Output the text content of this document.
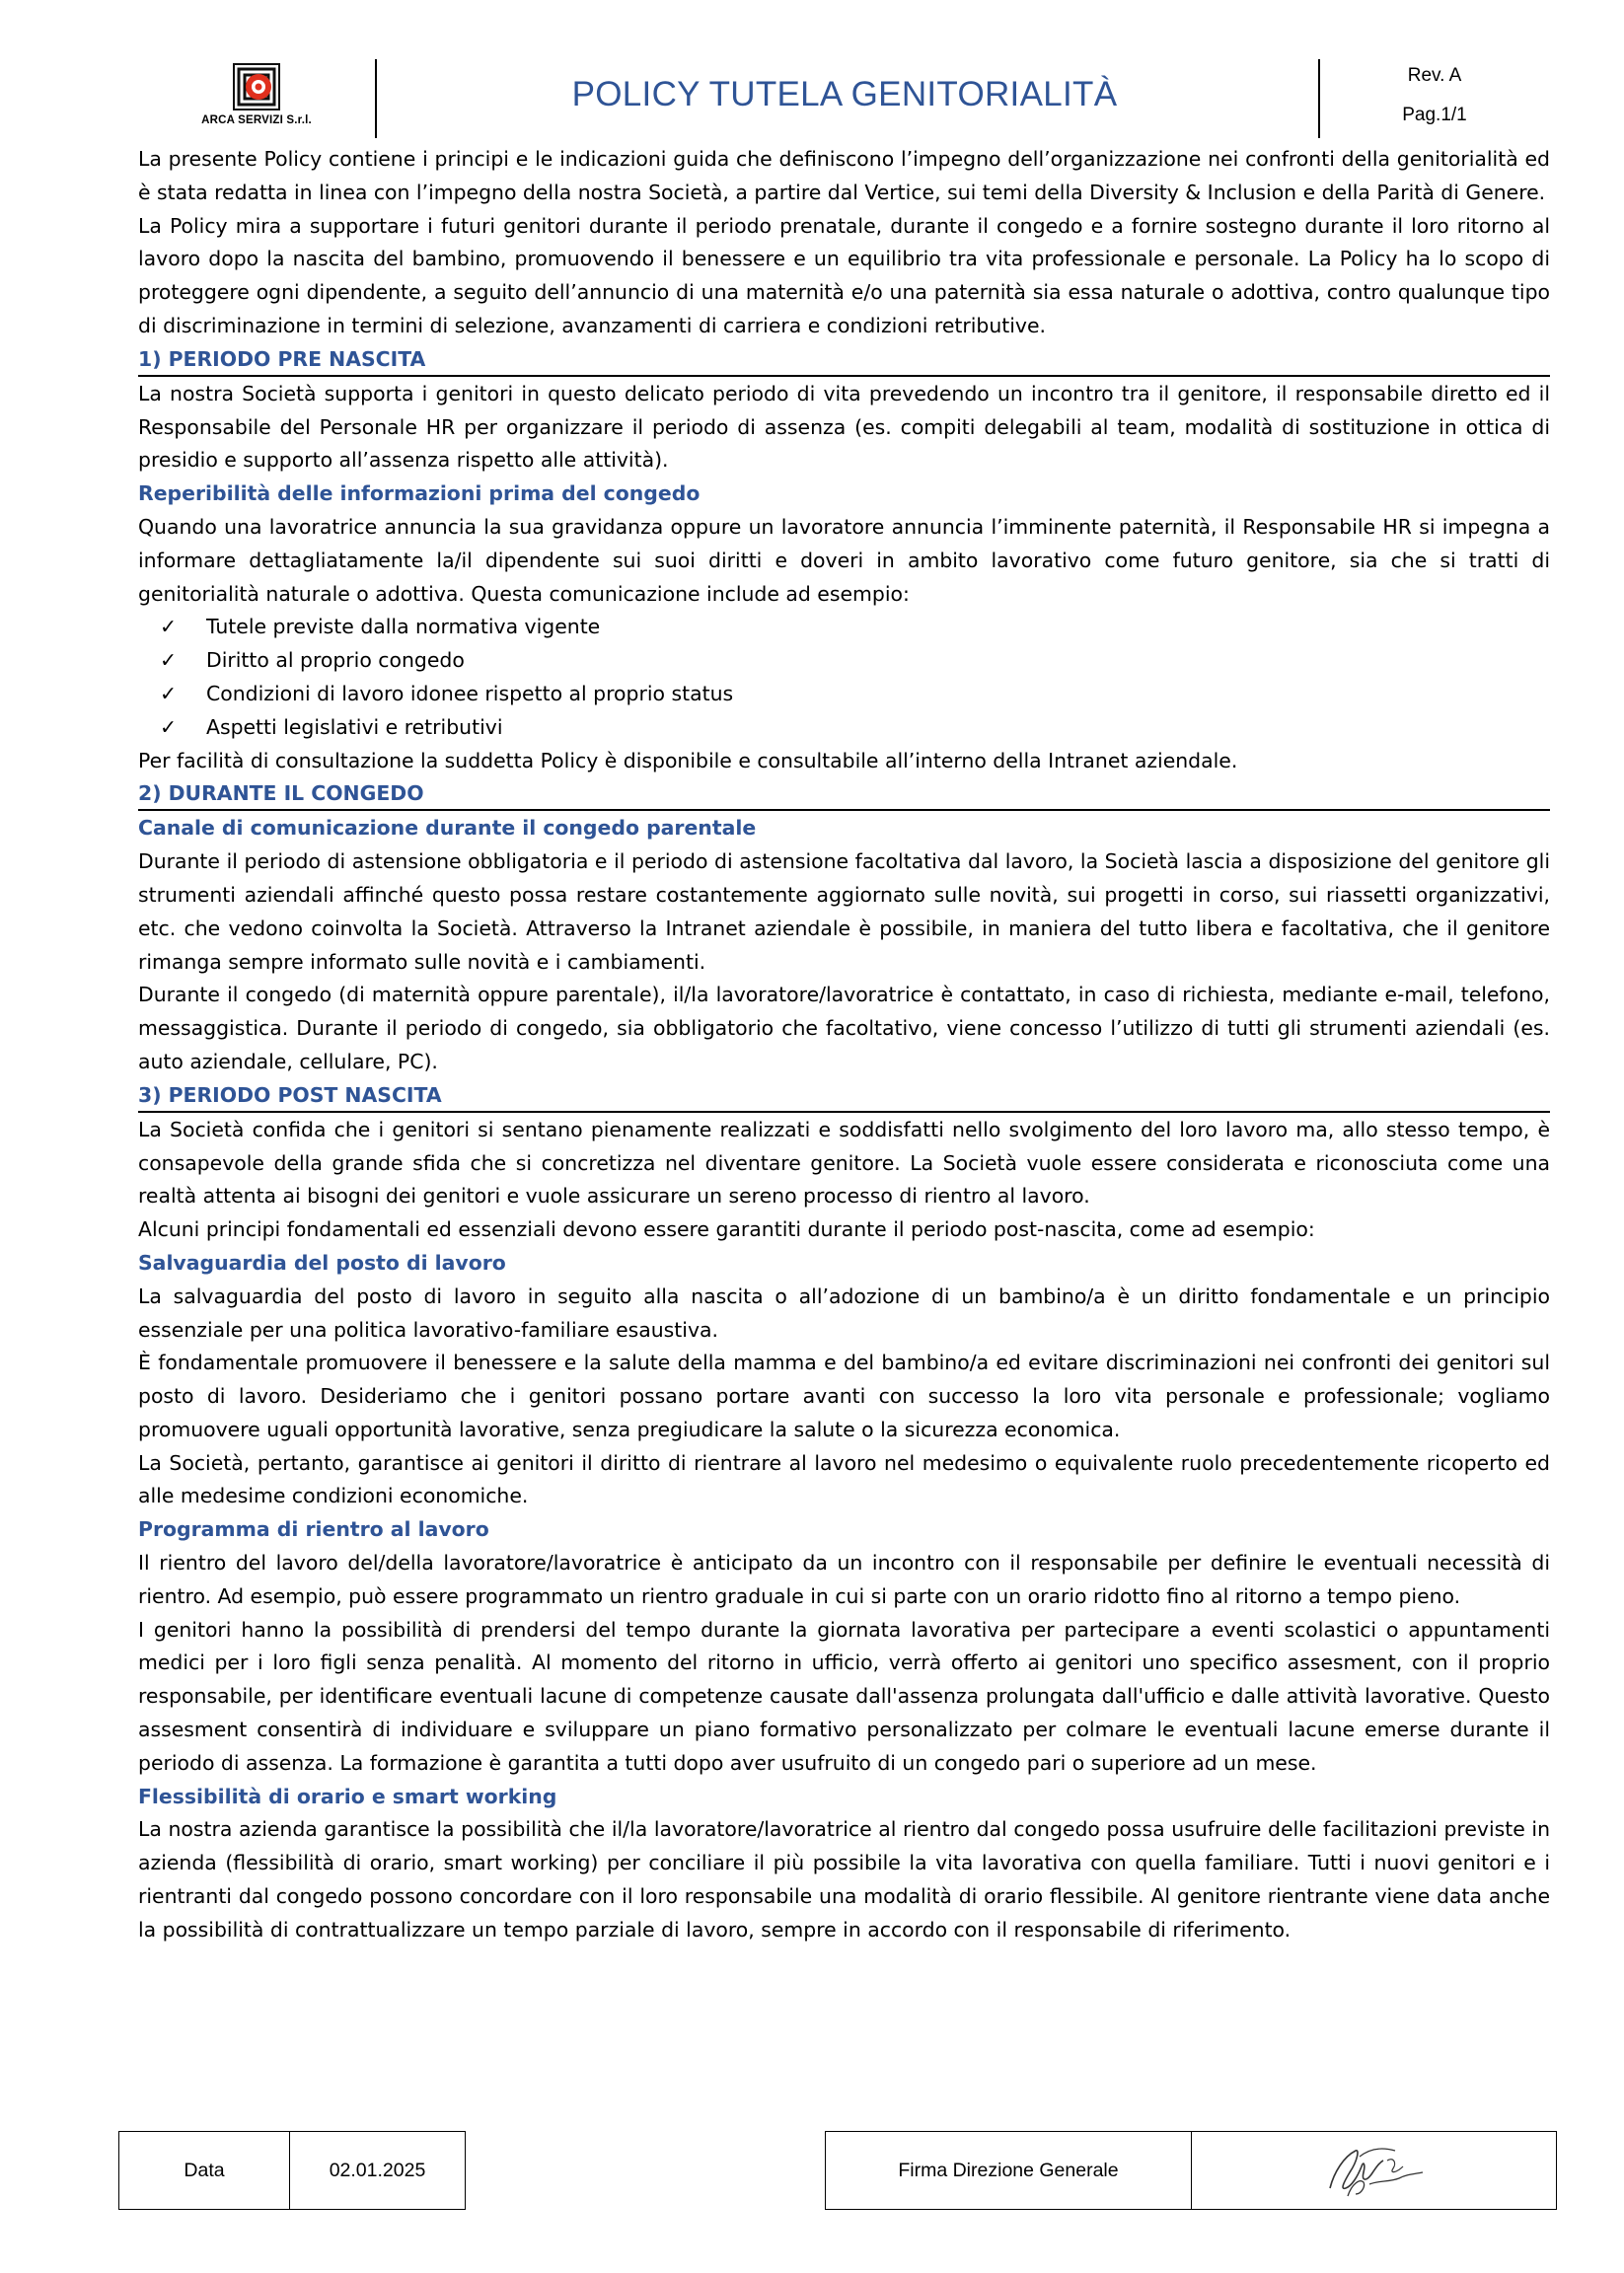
ARCA SERVIZI S.r.l.
POLICY TUTELA GENITORIALITÀ	Rev. A
Pag.1/1

La presente Policy contiene i principi e le indicazioni guida che definiscono l’impegno dell’organizzazione nei confronti della genitorialità ed è stata redatta in linea con l’impegno della nostra Società, a partire dal Vertice, sui temi della Diversity & Inclusion e della Parità di Genere.

La Policy mira a supportare i futuri genitori durante il periodo prenatale, durante il congedo e a fornire sostegno durante il loro ritorno al lavoro dopo la nascita del bambino, promuovendo il benessere e un equilibrio tra vita professionale e personale. La Policy ha lo scopo di proteggere ogni dipendente, a seguito dell’annuncio di una maternità e/o una paternità sia essa naturale o adottiva, contro qualunque tipo di discriminazione in termini di selezione, avanzamenti di carriera e condizioni retributive.

1) PERIODO PRE NASCITA

La nostra Società supporta i genitori in questo delicato periodo di vita prevedendo un incontro tra il genitore, il responsabile diretto ed il Responsabile del Personale HR per organizzare il periodo di assenza (es. compiti delegabili al team, modalità di sostituzione in ottica di presidio e supporto all’assenza rispetto alle attività).

Reperibilità delle informazioni prima del congedo

Quando una lavoratrice annuncia la sua gravidanza oppure un lavoratore annuncia l’imminente paternità, il Responsabile HR si impegna a informare dettagliatamente la/il dipendente sui suoi diritti e doveri in ambito lavorativo come futuro genitore, sia che si tratti di genitorialità naturale o adottiva. Questa comunicazione include ad esempio:

✓ Tutele previste dalla normativa vigente
✓ Diritto al proprio congedo
✓ Condizioni di lavoro idonee rispetto al proprio status
✓ Aspetti legislativi e retributivi

Per facilità di consultazione la suddetta Policy è disponibile e consultabile all’interno della Intranet aziendale.

2) DURANTE IL CONGEDO
Canale di comunicazione durante il congedo parentale

Durante il periodo di astensione obbligatoria e il periodo di astensione facoltativa dal lavoro, la Società lascia a disposizione del genitore gli strumenti aziendali affinché questo possa restare costantemente aggiornato sulle novità, sui progetti in corso, sui riassetti organizzativi, etc. che vedono coinvolta la Società. Attraverso la Intranet aziendale è possibile, in maniera del tutto libera e facoltativa, che il genitore rimanga sempre informato sulle novità e i cambiamenti.

Durante il congedo (di maternità oppure parentale), il/la lavoratore/lavoratrice è contattato, in caso di richiesta, mediante e-mail, telefono, messaggistica. Durante il periodo di congedo, sia obbligatorio che facoltativo, viene concesso l’utilizzo di tutti gli strumenti aziendali (es. auto aziendale, cellulare, PC).

3) PERIODO POST NASCITA

La Società confida che i genitori si sentano pienamente realizzati e soddisfatti nello svolgimento del loro lavoro ma, allo stesso tempo, è consapevole della grande sfida che si concretizza nel diventare genitore. La Società vuole essere considerata e riconosciuta come una realtà attenta ai bisogni dei genitori e vuole assicurare un sereno processo di rientro al lavoro.

Alcuni principi fondamentali ed essenziali devono essere garantiti durante il periodo post-nascita, come ad esempio:

Salvaguardia del posto di lavoro

La salvaguardia del posto di lavoro in seguito alla nascita o all’adozione di un bambino/a è un diritto fondamentale e un principio essenziale per una politica lavorativo-familiare esaustiva.

È fondamentale promuovere il benessere e la salute della mamma e del bambino/a ed evitare discriminazioni nei confronti dei genitori sul posto di lavoro. Desideriamo che i genitori possano portare avanti con successo la loro vita personale e professionale; vogliamo promuovere uguali opportunità lavorative, senza pregiudicare la salute o la sicurezza economica.

La Società, pertanto, garantisce ai genitori il diritto di rientrare al lavoro nel medesimo o equivalente ruolo precedentemente ricoperto ed alle medesime condizioni economiche.

Programma di rientro al lavoro

Il rientro del lavoro del/della lavoratore/lavoratrice è anticipato da un incontro con il responsabile per definire le eventuali necessità di rientro. Ad esempio, può essere programmato un rientro graduale in cui si parte con un orario ridotto fino al ritorno a tempo pieno.

I genitori hanno la possibilità di prendersi del tempo durante la giornata lavorativa per partecipare a eventi scolastici o appuntamenti medici per i loro figli senza penalità. Al momento del ritorno in ufficio, verrà offerto ai genitori uno specifico assesment, con il proprio responsabile, per identificare eventuali lacune di competenze causate dall'assenza prolungata dall'ufficio e dalle attività lavorative. Questo assesment consentirà di individuare e sviluppare un piano formativo personalizzato per colmare le eventuali lacune emerse durante il periodo di assenza. La formazione è garantita a tutti dopo aver usufruito di un congedo pari o superiore ad un mese.

Flessibilità di orario e smart working

La nostra azienda garantisce la possibilità che il/la lavoratore/lavoratrice al rientro dal congedo possa usufruire delle facilitazioni previste in azienda (flessibilità di orario, smart working) per conciliare il più possibile la vita lavorativa con quella familiare. Tutti i nuovi genitori e i rientranti dal congedo possono concordare con il loro responsabile una modalità di orario flessibile. Al genitore rientrante viene data anche la possibilità di contrattualizzare un tempo parziale di lavoro, sempre in accordo con il responsabile di riferimento.

Data	02.01.2025	Firma Direzione Generale
